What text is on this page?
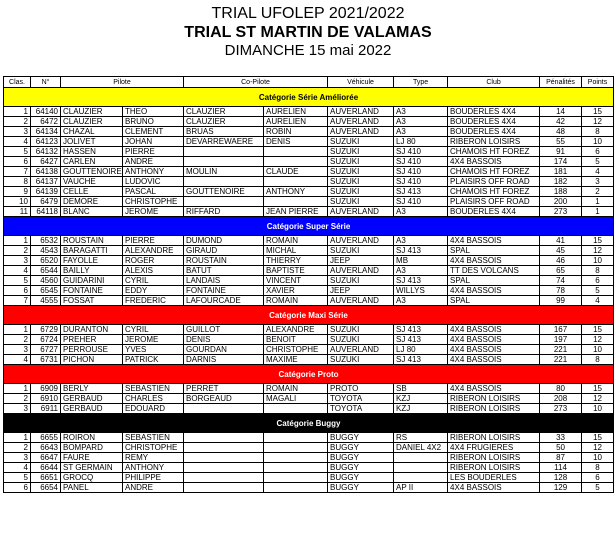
TRIAL UFOLEP 2021/2022
TRIAL ST MARTIN DE VALAMAS
DIMANCHE 15 mai 2022
Clas.	N°	Pilote		Co-Pilote		Véhicule	Type	Club	Pénalités	Points
Catégorie Série Améliorée										
1	64140	CLAUZIER	THEO	CLAUZIER	AURELIEN	AUVERLAND	A3	BOUDERLES 4X4	14	15
2	6472	CLAUZIER	BRUNO	CLAUZIER	AURELIEN	AUVERLAND	A3	BOUDERLES 4X4	42	12
3	64134	CHAZAL	CLEMENT	BRUAS	ROBIN	AUVERLAND	A3	BOUDERLES 4X4	48	8
4	64123	JOLIVET	JOHAN	DEVARREWAERE	DENIS	SUZUKI	LJ 80	RIBERON LOISIRS	55	10
5	64132	HASSEN	PIERRE			SUZUKI	SJ 410	CHAMOIS HT FOREZ	91	6
6	6427	CARLEN	ANDRE			SUZUKI	SJ 410	4X4 BASSOIS	174	5
7	64138	GOUTTENOIRE	ANTHONY	MOULIN	CLAUDE	SUZUKI	SJ 410	CHAMOIS HT FOREZ	181	4
8	64137	VAUCHE	LUDOVIC			SUZUKI	SJ 410	PLAISIRS OFF ROAD	182	3
9	64139	CELLE	PASCAL	GOUTTENOIRE	ANTHONY	SUZUKI	SJ 413	CHAMOIS HT FOREZ	188	2
10	6479	DEMORE	CHRISTOPHE			SUZUKI	SJ 410	PLAISIRS OFF ROAD	200	1
11	64118	BLANC	JEROME	RIFFARD	JEAN PIERRE	AUVERLAND	A3	BOUDERLES 4X4	273	1
Catégorie Super Série										
1	6532	ROUSTAIN	PIERRE	DUMOND	ROMAIN	AUVERLAND	A3	4X4 BASSOIS	41	15
2	4543	BARAGATTI	ALEXANDRE	GIRAUD	MICHAL	SUZUKI	SJ 413	SPAL	45	12
3	6520	FAYOLLE	ROGER	ROUSTAIN	THIERRY	JEEP	MB	4X4 BASSOIS	46	10
4	6544	BAILLY	ALEXIS	BATUT	BAPTISTE	AUVERLAND	A3	TT DES VOLCANS	65	8
5	4560	GUIDARINI	CYRIL	LANDAIS	VINCENT	SUZUKI	SJ 413	SPAL	74	6
6	6545	FONTAINE	EDDY	FONTAINE	XAVIER	JEEP	WILLYS	4X4 BASSOIS	78	5
7	4555	FOSSAT	FREDERIC	LAFOURCADE	ROMAIN	AUVERLAND	A3	SPAL	99	4
Catégorie Maxi Série										
1	6729	DURANTON	CYRIL	GUILLOT	ALEXANDRE	SUZUKI	SJ 413	4X4 BASSOIS	167	15
2	6724	PREHER	JEROME	DENIS	BENOIT	SUZUKI	SJ 413	4X4 BASSOIS	197	12
3	6727	PERROUSE	YVES	GOURDAN	CHRISTOPHE	AUVERLAND	LJ 80	4X4 BASSOIS	221	10
4	6731	PICHON	PATRICK	DARNIS	MAXIME	SUZUKI	SJ 413	4X4 BASSOIS	221	8
Catégorie Proto										
1	6909	BERLY	SEBASTIEN	PERRET	ROMAIN	PROTO	SB	4X4 BASSOIS	80	15
2	6910	GERBAUD	CHARLES	BORGEAUD	MAGALI	TOYOTA	KZJ	RIBERON LOISIRS	208	12
3	6911	GERBAUD	EDOUARD			TOYOTA	KZJ	RIBERON LOISIRS	273	10
Catégorie Buggy										
1	6655	ROIRON	SEBASTIEN			BUGGY	RS	RIBERON LOISIRS	33	15
2	6643	BOMPARD	CHRISTOPHE			BUGGY	DANIEL 4X2	4X4 FRUGIERES	50	12
3	6647	FAURE	REMY			BUGGY		RIBERON LOISIRS	87	10
4	6644	ST GERMAIN	ANTHONY			BUGGY		RIBERON LOISIRS	114	8
5	6651	GROCQ	PHILIPPE			BUGGY		LES BOUDERLES	128	6
6	6654	PANEL	ANDRE			BUGGY	AP II	4X4 BASSOIS	129	5
